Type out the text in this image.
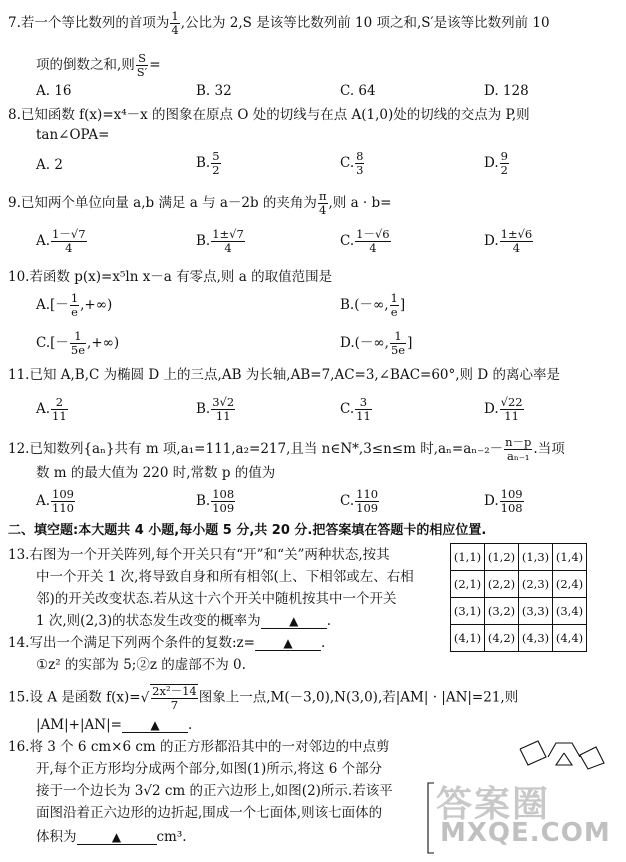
7.若一个等比数列的首项为 $\frac{1}{4}$ ,公比为 2,S 是该等比数列前 10 项之和,S′是该等比数列前 10
项的倒数之和,则 $\frac{S}{S'}$ =
A. 16	B. 32	C. 64	D. 128
8.已知函数 f(x)=x⁴－x 的图象在原点 O 处的切线与在点 A(1,0)处的切线的交点为 P,则
tan∠OPA=
A. 2	B. $\frac{5}{2}$	C. $\frac{8}{3}$	D. $\frac{9}{2}$
9.已知两个单位向量 a,b 满足 a 与 a－2b 的夹角为 $\frac{\pi}{4}$ ,则 a · b=
A. $\frac{1-√7}{4}$	B. $\frac{1\pm√7}{4}$	C. $\frac{1-√6}{4}$	D. $\frac{1\pm√6}{4}$
10.若函数 p(x)=x⁵ln x－a 有零点,则 a 的取值范围是
$A.[- \frac{1}{e}$ ,+∞)	B.(－∞, $\frac{1}{e}$ ]
$C.[- \frac{1}{5e}$ ,+∞)	D.(－∞, $\frac{1}{5e}$ ]
11.已知 A,B,C 为椭圆 D 上的三点,AB 为长轴,AB=7,AC=3,∠BAC=60°,则 D 的离心率是
A. $\frac{2}{11}$	B. $\frac{3√2}{11}$	C. $\frac{3}{11}$	D. $\frac{√22}{11}$
12.已知数列{aₙ}共有 m 项,a₁=111,a₂=217,且当 n∈N*,3≤n≤m 时$,a_n=a_{n-2}- \frac{n-p}{\text{aₙ₋₁}}$ .当项
数 m 的最大值为 220 时,常数 p 的值为
A. $\frac{109}{110}$	B. $\frac{108}{109}$	C. $\frac{110}{109}$	D. $\frac{109}{108}$
二、填空题:本大题共 4 小题,每小题 5 分,共 20 分.把答案填在答题卡的相应位置.
13.右图为一个开关阵列,每个开关只有“开”和“关”两种状态,按其
中一个开关 1 次,将导致自身和所有相邻(上、下相邻或左、右相
邻)的开关改变状态.若从这十六个开关中随机按其中一个开关
1 次,则(2,3)的状态发生改变的概率为 ▲ .
(1,1)	(1,2)	(1,3)	(1,4)
(2,1)	(2,2)	(2,3)	(2,4)
(3,1)	(3,2)	(3,3)	(3,4)
(4,1)	(4,2)	(4,3)	(4,4)
14.写出一个满足下列两个条件的复数:z= ▲ .
①z² 的实部为 5;②z 的虚部不为 0.
15.设 A 是函数 $f(x)=√ \frac{\text{2x²－14}}{7}$ 图象上一点,M(－3,0),N(3,0),若|AM| · |AN|=21,则
|AM|+|AN|= ▲ .
16.将 3 个 6 cm×6 cm 的正方形都沿其中的一对邻边的中点剪
开,每个正方形均分成两个部分,如图(1)所示,将这 6 个部分
接于一个边长为 3√2 cm 的正六边形上,如图(2)所示.若该平
面图沿着正六边形的边折起,围成一个七面体,则该七面体的
体积为	▲	cm³.
答案圈
MXQE.COM
